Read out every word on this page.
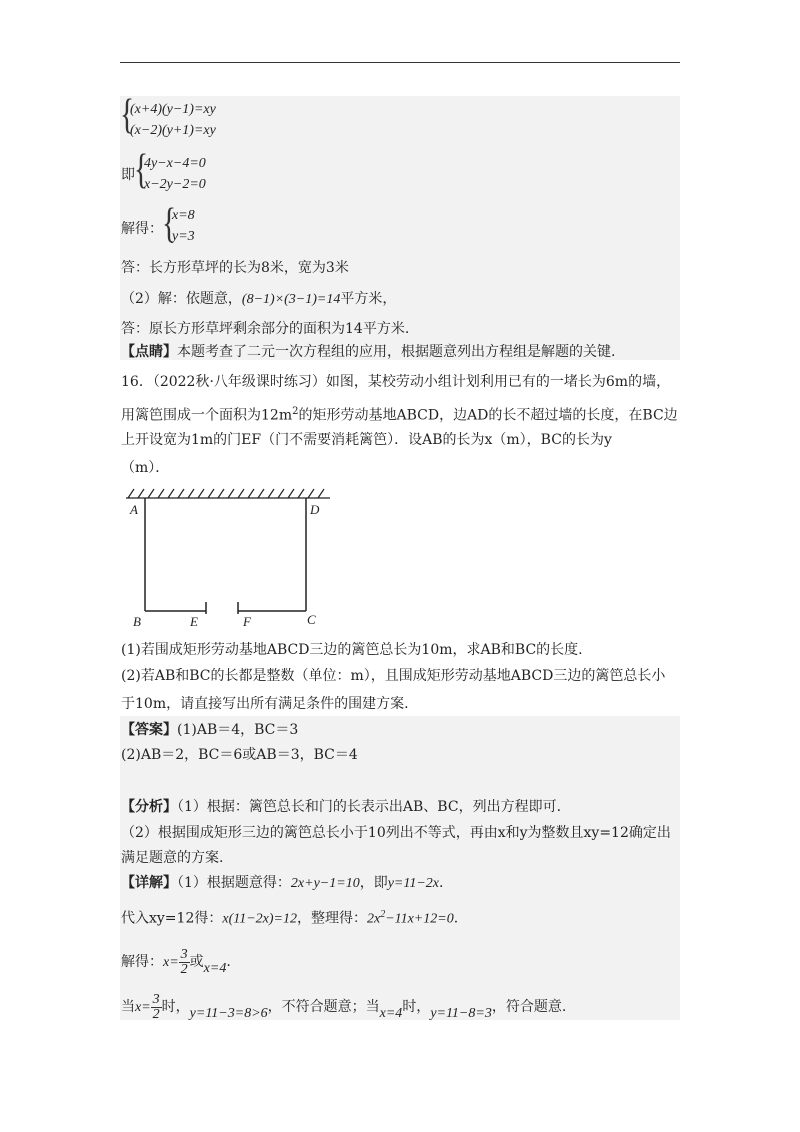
{
(x+4)(y−1)=xy
(x−2)(y+1)=xy
即 {
4y−x−4=0
x−2y−2=0
解得： {
x=8
y=3
答：长方形草坪的长为8米，宽为3米
（2）解：依题意，(8−1)×(3−1)=14平方米，
答：原长方形草坪剩余部分的面积为14平方米.
【点睛】本题考查了二元一次方程组的应用，根据题意列出方程组是解题的关键.
16．（2022秋·八年级课时练习）如图，某校劳动小组计划利用已有的一堵长为6m的墙，
用篱笆围成一个面积为$12m^2$的矩形劳动基地ABCD，边AD的长不超过墙的长度，在BC边
上开设宽为1m的门EF（门不需要消耗篱笆）．设AB的长为x（m），BC的长为y
（m）．
A	D
B	E	F	C
(1)若围成矩形劳动基地ABCD三边的篱笆总长为10m，求AB和BC的长度.
(2)若AB和BC的长都是整数（单位：m），且围成矩形劳动基地ABCD三边的篱笆总长小
于10m，请直接写出所有满足条件的围建方案.
【答案】(1)AB＝4，BC＝3
(2)AB＝2，BC＝6或AB＝3，BC＝4
【分析】（1）根据：篱笆总长和门的长表示出AB、BC，列出方程即可.
（2）根据围成矩形三边的篱笆总长小于10列出不等式，再由x和y为整数且xy=12确定出
满足题意的方案.
【详解】（1）根据题意得：2x+y−1=10，即y=11−2x.
代入xy=12得：x(11−2x)=12，整理得：$2x^2-11x+12=0$.
解得：$x= \frac{3}{2}$ 或x=4.
当$x= \frac{3}{2}$ 时，y=11−3=8>6，不符合题意；当x=4时，y=11−8=3，符合题意.
